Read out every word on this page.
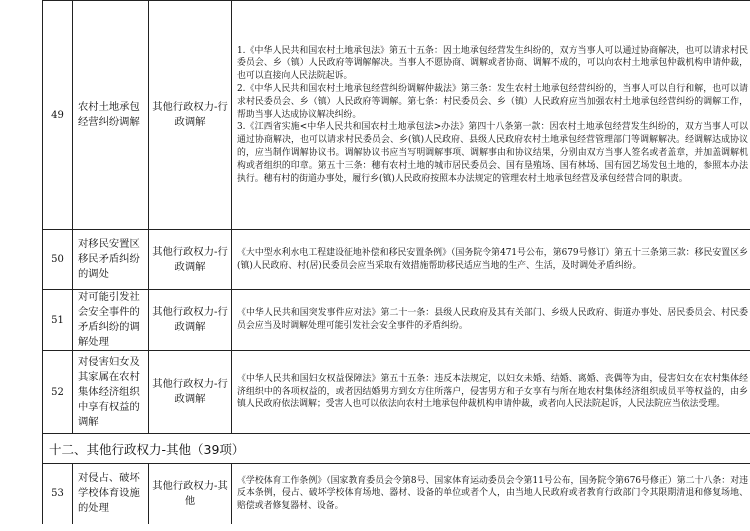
49	农村土地承包经营纠纷调解	其他行政权力-行政调解	1.《中华人民共和国农村土地承包法》第五十五条：因土地承包经营发生纠纷的，双方当事人可以通过协商解决，也可以请求村民委员会、乡（镇）人民政府等调解解决。当事人不愿协商、调解或者协商、调解不成的，可以向农村土地承包仲裁机构申请仲裁，也可以直接向人民法院起诉。

2.《中华人民共和国农村土地承包经营纠纷调解仲裁法》第三条：发生农村土地承包经营纠纷的，当事人可以自行和解，也可以请求村民委员会、乡（镇）人民政府等调解。第七条：村民委员会、乡（镇）人民政府应当加强农村土地承包经营纠纷的调解工作，帮助当事人达成协议解决纠纷。

3.《江西省实施<中华人民共和国农村土地承包法>办法》第四十八条第一款：因农村土地承包经营发生纠纷的，双方当事人可以通过协商解决，也可以请求村民委员会、乡(镇)人民政府、县级人民政府农村土地承包经营管理部门等调解解决。经调解达成协议的，应当制作调解协议书。调解协议书应当写明调解事项、调解事由和协议结果，分别由双方当事人签名或者盖章，并加盖调解机构或者组织的印章。第五十三条：穗有农村土地的城市居民委员会、国有垦殖场、国有林场、国有园艺场发包土地的，参照本办法执行。穗有村的街道办事处，履行乡(镇)人民政府按照本办法规定的管理农村土地承包经营及承包经营合同的职责。

50	对移民安置区移民矛盾纠纷的调处	其他行政权力-行政调解	《大中型水利水电工程建设征地补偿和移民安置条例》（国务院令第471号公布，第679号修订）第五十三条第三款：移民安置区乡(镇)人民政府、村(居)民委员会应当采取有效措施帮助移民适应当地的生产、生活，及时调处矛盾纠纷。

51	对可能引发社会安全事件的矛盾纠纷的调解处理	其他行政权力-行政调解	《中华人民共和国突发事件应对法》第二十一条：县级人民政府及其有关部门、乡级人民政府、街道办事处、居民委员会、村民委员会应当及时调解处理可能引发社会安全事件的矛盾纠纷。

52	对侵害妇女及其家属在农村集体经济组织中享有权益的调解	其他行政权力-行政调解	《中华人民共和国妇女权益保障法》第五十五条：违反本法规定，以妇女未婚、结婚、离婚、丧偶等为由，侵害妇女在农村集体经济组织中的各项权益的，或者因结婚男方到女方住所落户，侵害男方和子女享有与所在地农村集体经济组织成员平等权益的，由乡镇人民政府依法调解；受害人也可以依法向农村土地承包仲裁机构申请仲裁，或者向人民法院起诉，人民法院应当依法受理。

十二、其他行政权力-其他（39项）			
53	对侵占、破坏学校体育设施的处理	其他行政权力-其他	《学校体育工作条例》（国家教育委员会令第8号、国家体育运动委员会令第11号公布，国务院令第676号修正）第二十八条：对违反本条例，侵占、破坏学校体育场地、器材、设备的单位或者个人，由当地人民政府或者教育行政部门令其限期清退和修复场地、赔偿或者修复器材、设备。
